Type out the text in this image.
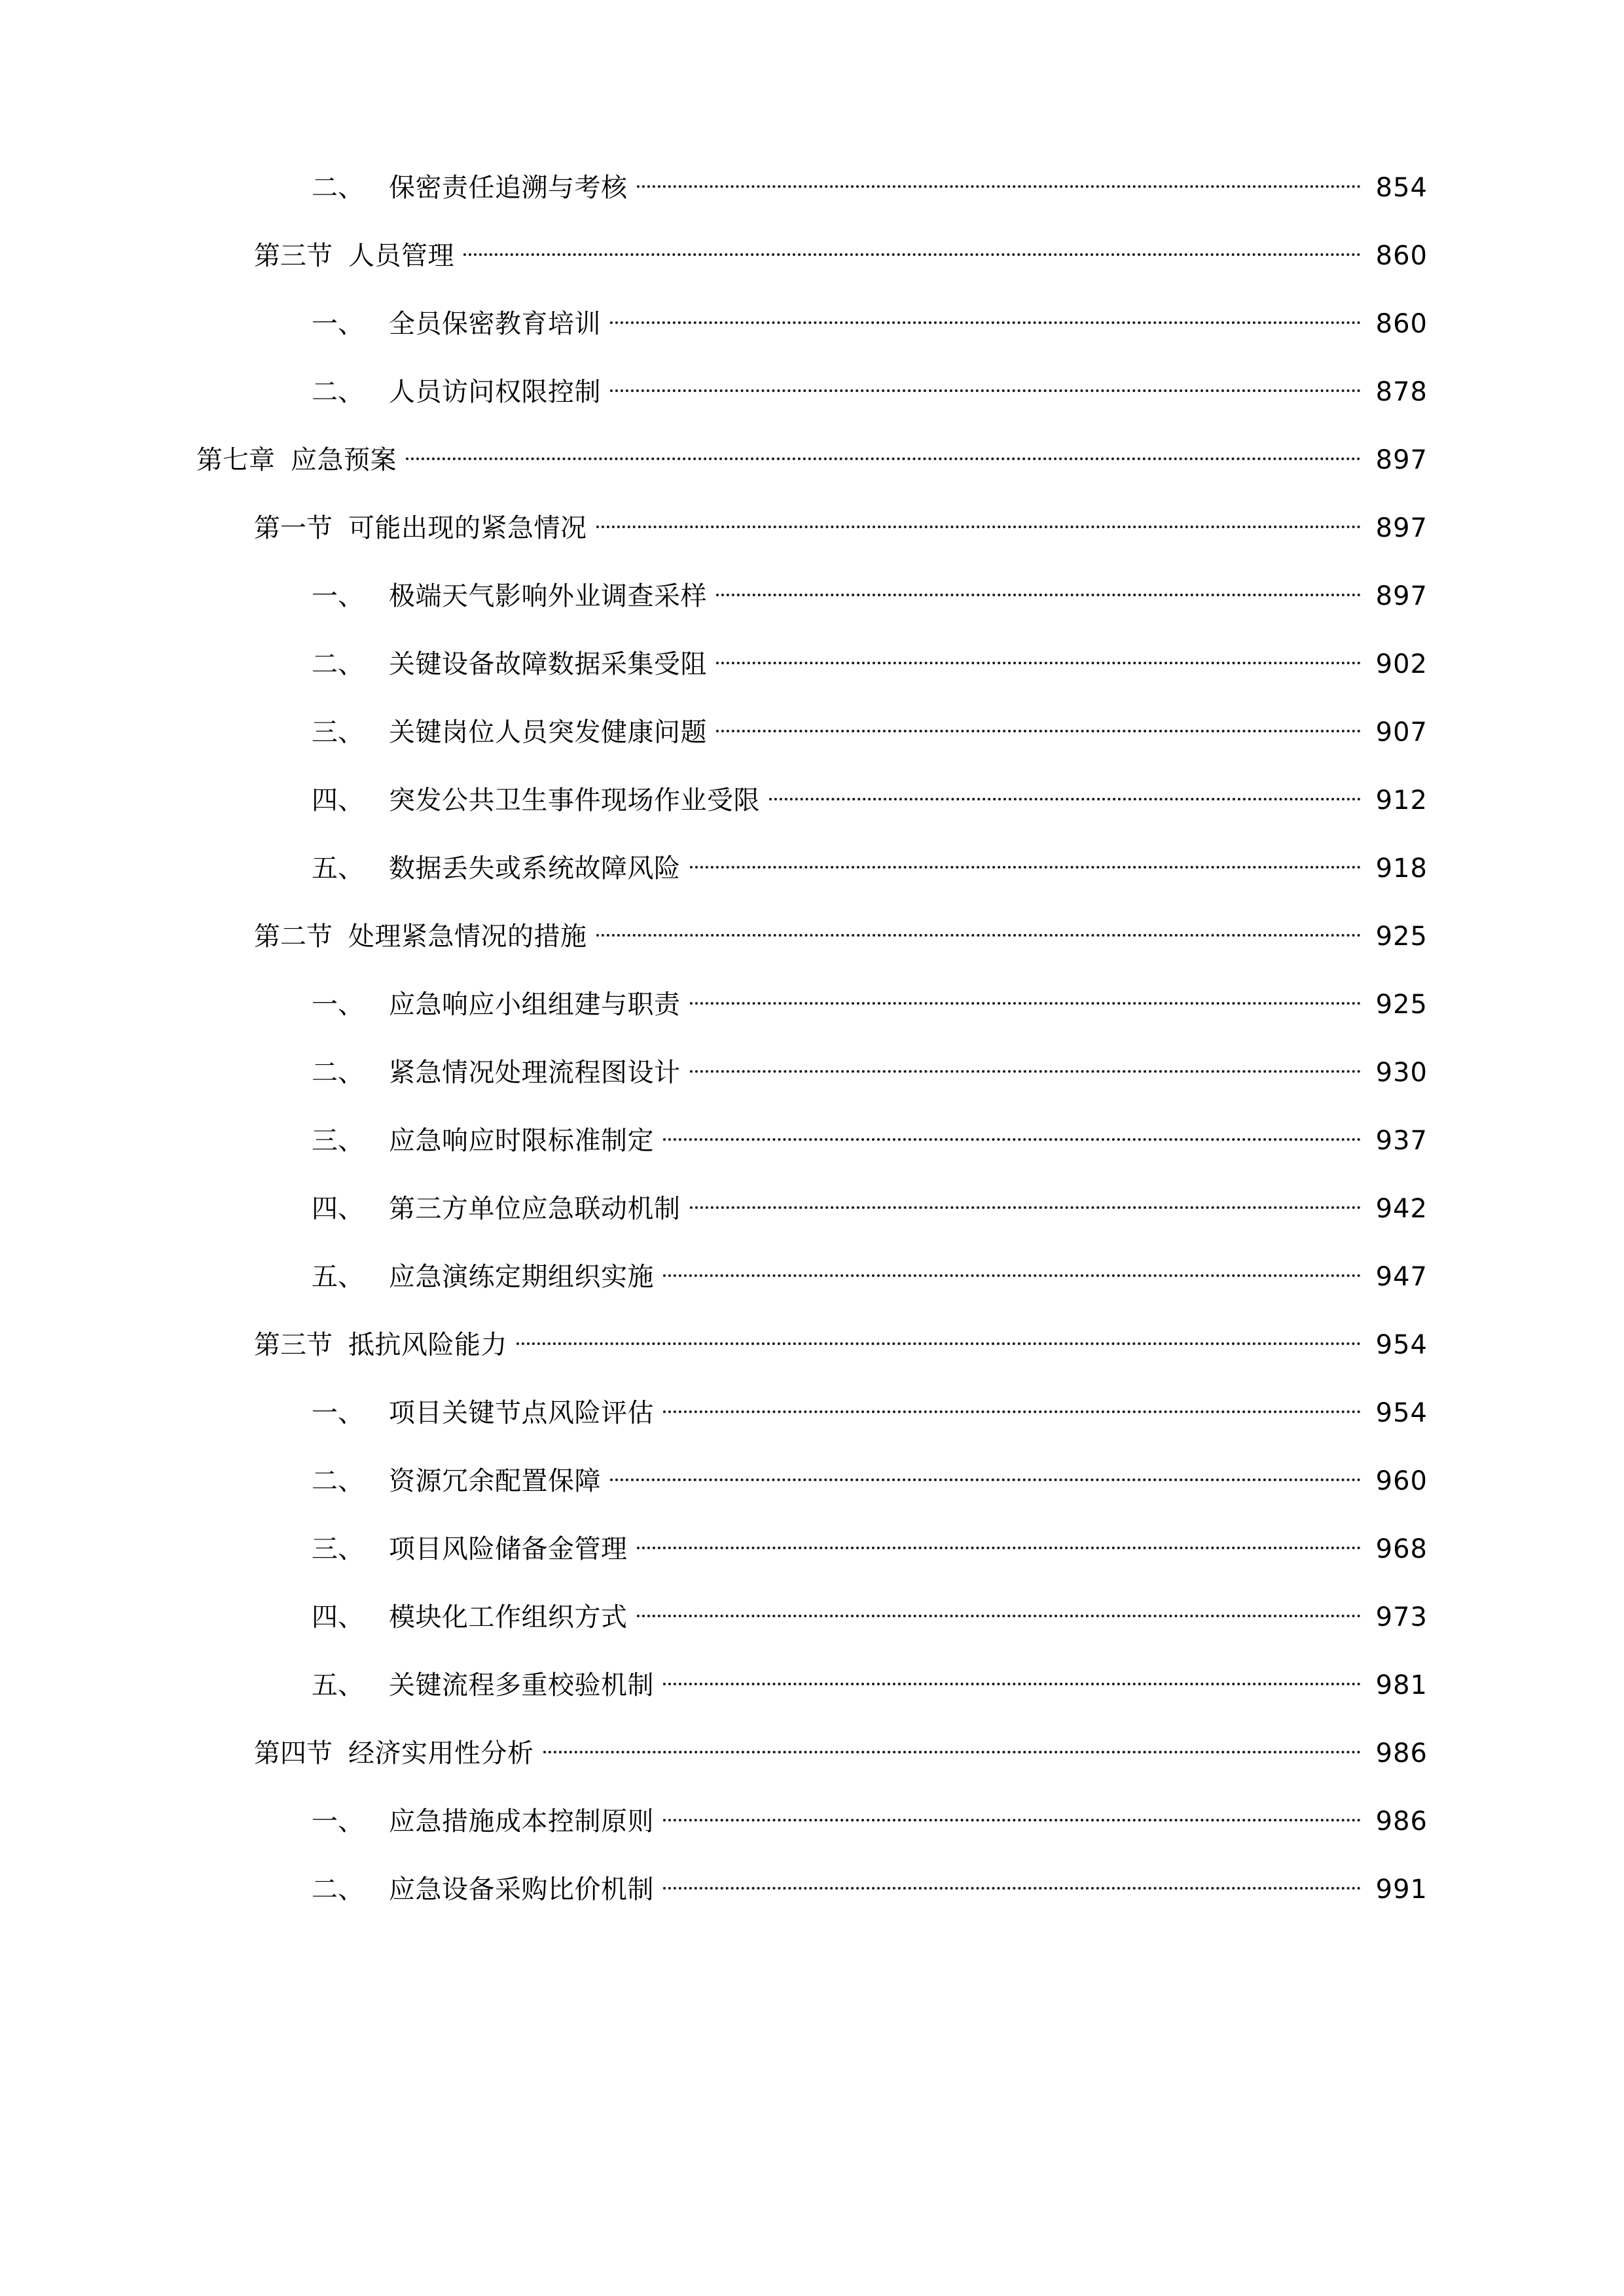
二、 保密责任追溯与考核	854
第三节 人员管理	860
一、 全员保密教育培训	860
二、 人员访问权限控制	878
第七章 应急预案	897
第一节 可能出现的紧急情况	897
一、 极端天气影响外业调查采样	897
二、 关键设备故障数据采集受阻	902
三、 关键岗位人员突发健康问题	907
四、 突发公共卫生事件现场作业受限	912
五、 数据丢失或系统故障风险	918
第二节 处理紧急情况的措施	925
一、 应急响应小组组建与职责	925
二、 紧急情况处理流程图设计	930
三、 应急响应时限标准制定	937
四、 第三方单位应急联动机制	942
五、 应急演练定期组织实施	947
第三节 抵抗风险能力	954
一、 项目关键节点风险评估	954
二、 资源冗余配置保障	960
三、 项目风险储备金管理	968
四、 模块化工作组织方式	973
五、 关键流程多重校验机制	981
第四节 经济实用性分析	986
一、 应急措施成本控制原则	986
二、 应急设备采购比价机制	991
